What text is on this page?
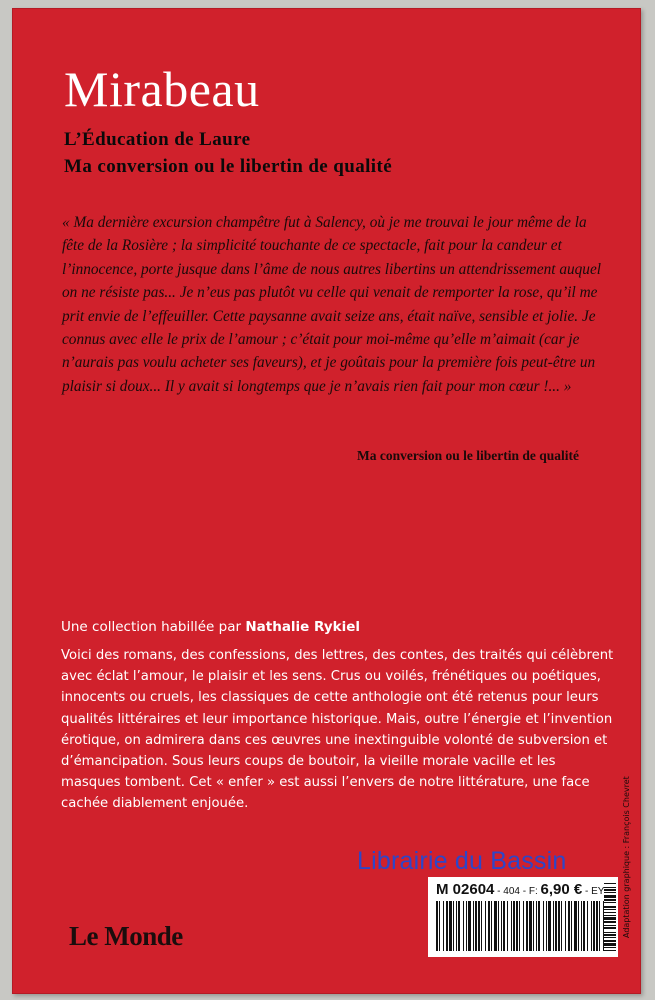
Mirabeau
L’Éducation de Laure
Ma conversion ou le libertin de qualité

« Ma dernière excursion champêtre fut à Salency, où je me trouvai le jour même de la fête de la Rosière ; la simplicité touchante de ce spectacle, fait pour la candeur et l’innocence, porte jusque dans l’âme de nous autres libertins un attendrissement auquel on ne résiste pas... Je n’eus pas plutôt vu celle qui venait de remporter la rose, qu’il me prit envie de l’effeuiller. Cette paysanne avait seize ans, était naïve, sensible et jolie. Je connus avec elle le prix de l’amour ; c’était pour moi-même qu’elle m’aimait (car je n’aurais pas voulu acheter ses faveurs), et je goûtais pour la première fois peut-être un plaisir si doux... Il y avait si longtemps que je n’avais rien fait pour mon cœur !... »

Ma conversion ou le libertin de qualité
Une collection habillée par Nathalie Rykiel

Voici des romans, des confessions, des lettres, des contes, des traités qui célèbrent avec éclat l’amour, le plaisir et les sens. Crus ou voilés, frénétiques ou poétiques, innocents ou cruels, les classiques de cette anthologie ont été retenus pour leurs qualités littéraires et leur importance historique. Mais, outre l’énergie et l’invention érotique, on admirera dans ces œuvres une inextinguible volonté de subversion et d’émancipation. Sous leurs coups de boutoir, la vieille morale vacille et les masques tombent. Cet « enfer » est aussi l’envers de notre littérature, une face cachée diablement enjouée.	Adaptation graphique : François Chevret
Librairie du Bassin
M 02604 - 404 - F: 6,90 € - EY
Le Monde
